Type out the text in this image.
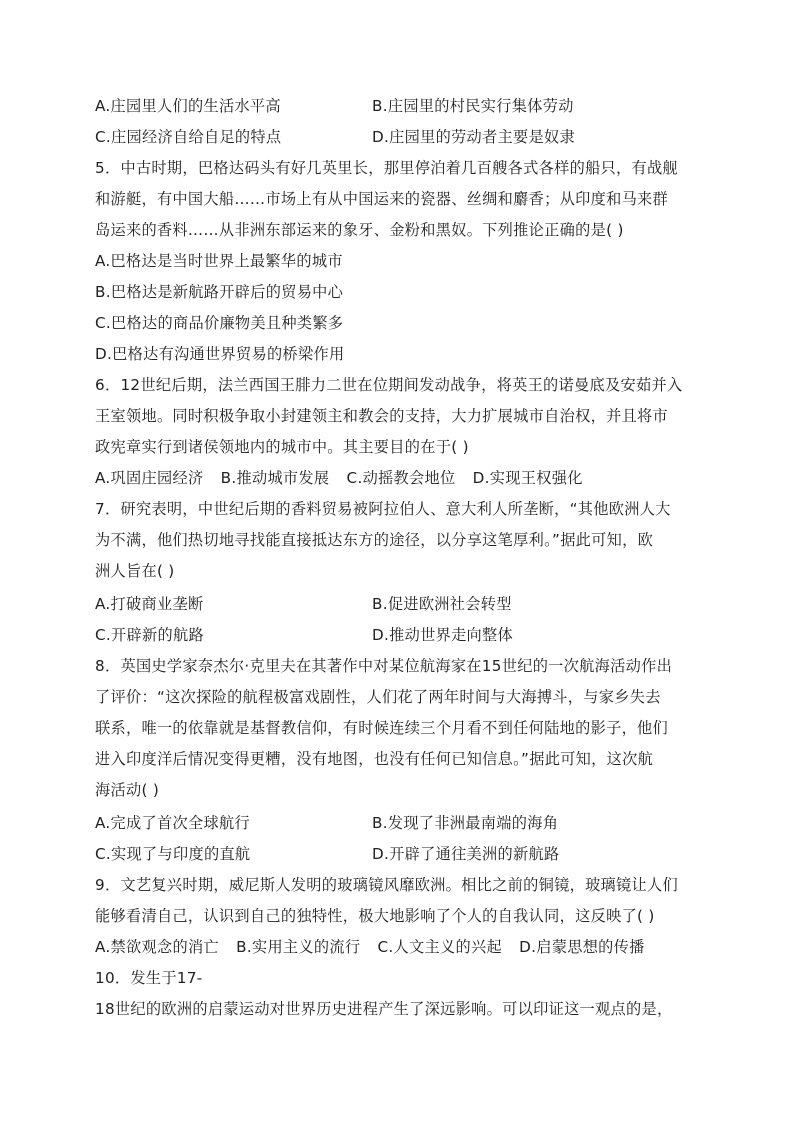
A.庄园里人们的生活水平高	B.庄园里的村民实行集体劳动
C.庄园经济自给自足的特点	D.庄园里的劳动者主要是奴隶
5．中古时期，巴格达码头有好几英里长，那里停泊着几百艘各式各样的船只，有战舰
和游艇，有中国大船……市场上有从中国运来的瓷器、丝绸和麝香；从印度和马来群
岛运来的香料……从非洲东部运来的象牙、金粉和黑奴。下列推论正确的是( )
A.巴格达是当时世界上最繁华的城市
B.巴格达是新航路开辟后的贸易中心
C.巴格达的商品价廉物美且种类繁多
D.巴格达有沟通世界贸易的桥梁作用
6．12世纪后期，法兰西国王腓力二世在位期间发动战争，将英王的诺曼底及安茹并入
王室领地。同时积极争取小封建领主和教会的支持，大力扩展城市自治权，并且将市
政宪章实行到诸侯领地内的城市中。其主要目的在于( )
A.巩固庄园经济 B.推动城市发展 C.动摇教会地位 D.实现王权强化
7．研究表明，中世纪后期的香料贸易被阿拉伯人、意大利人所垄断，“其他欧洲人大
为不满，他们热切地寻找能直接抵达东方的途径，以分享这笔厚利。”据此可知，欧
洲人旨在( )
A.打破商业垄断	B.促进欧洲社会转型
C.开辟新的航路	D.推动世界走向整体
8．英国史学家奈杰尔·克里夫在其著作中对某位航海家在15世纪的一次航海活动作出
了评价：“这次探险的航程极富戏剧性，人们花了两年时间与大海搏斗，与家乡失去
联系，唯一的依靠就是基督教信仰，有时候连续三个月看不到任何陆地的影子，他们
进入印度洋后情况变得更糟，没有地图，也没有任何已知信息。”据此可知，这次航
海活动( )
A.完成了首次全球航行	B.发现了非洲最南端的海角
C.实现了与印度的直航	D.开辟了通往美洲的新航路
9．文艺复兴时期，威尼斯人发明的玻璃镜风靡欧洲。相比之前的铜镜，玻璃镜让人们
能够看清自己，认识到自己的独特性，极大地影响了个人的自我认同，这反映了( )
A.禁欲观念的消亡 B.实用主义的流行 C.人文主义的兴起 D.启蒙思想的传播
10．发生于17-
18世纪的欧洲的启蒙运动对世界历史进程产生了深远影响。可以印证这一观点的是，
